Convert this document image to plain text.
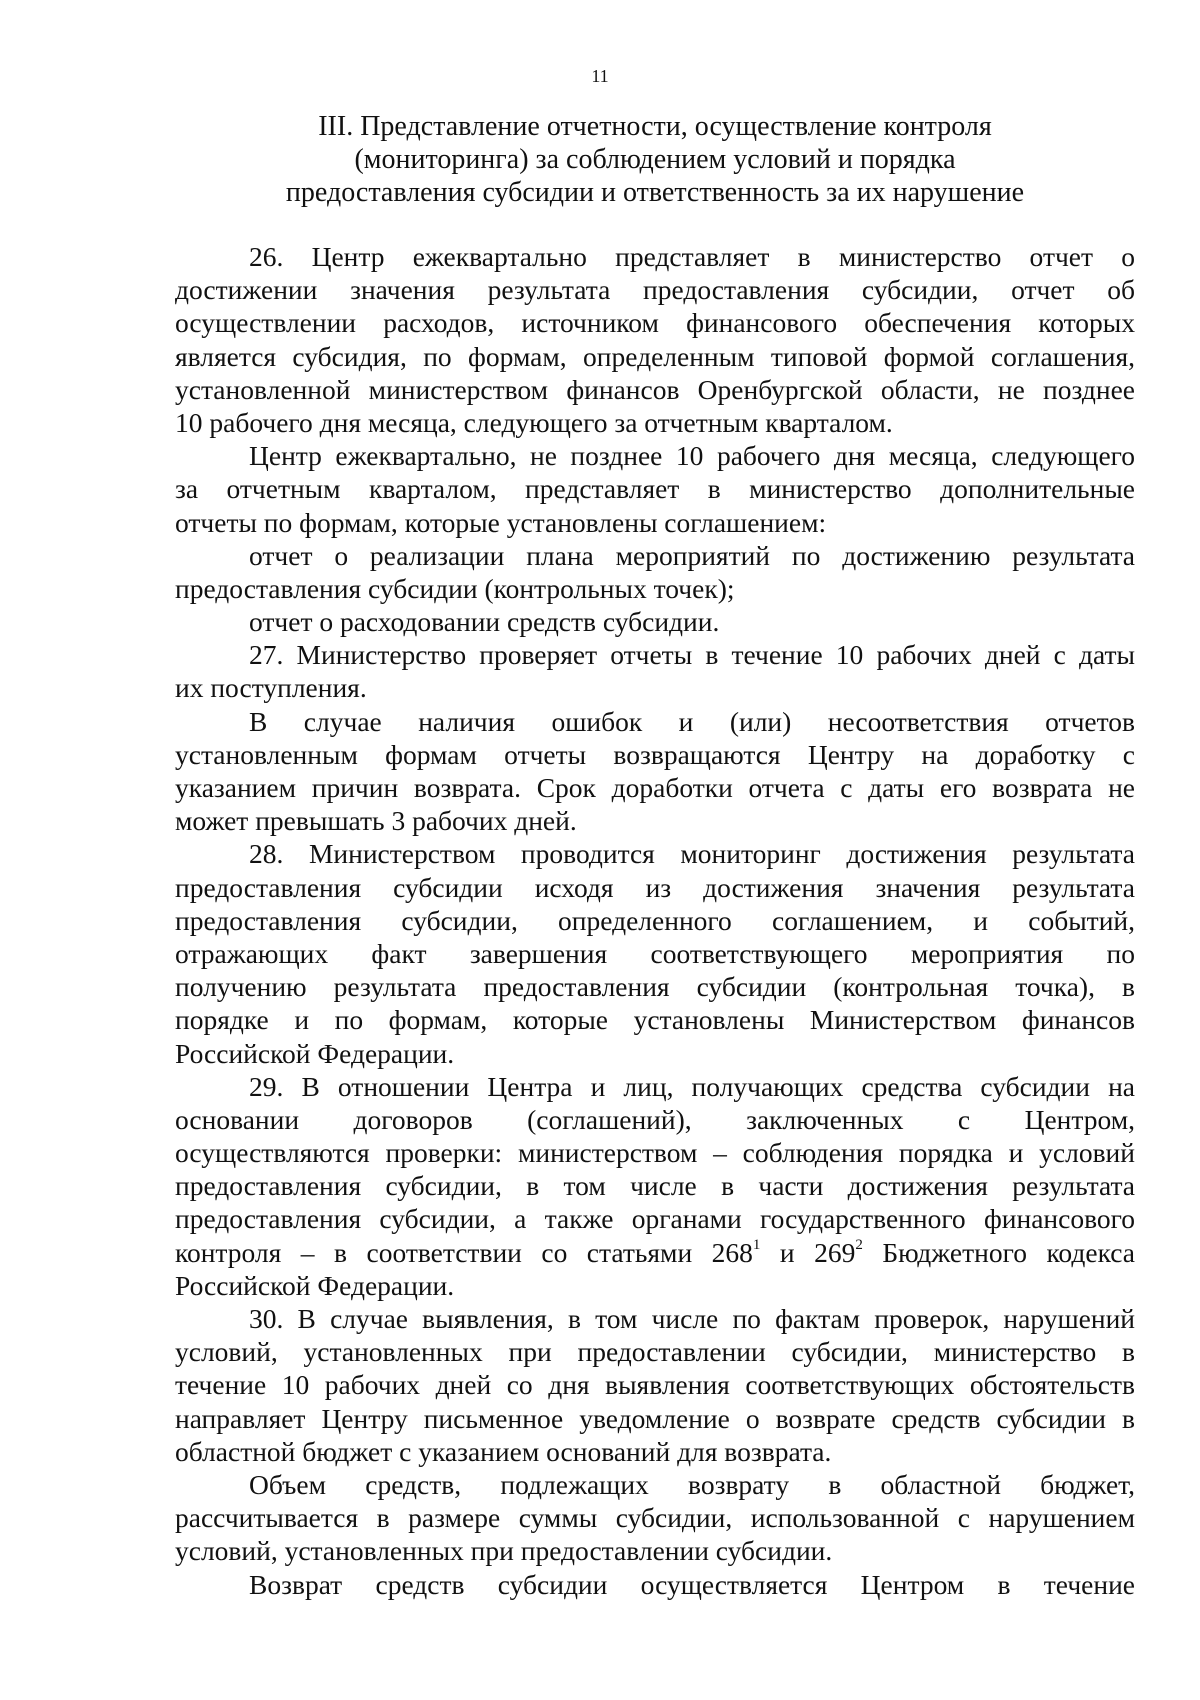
11
III. Представление отчетности, осуществление контроля
(мониторинга) за соблюдением условий и порядка
предоставления субсидии и ответственность за их нарушение
26. Центр ежеквартально представляет в министерство отчет о
достижении значения результата предоставления субсидии, отчет об
осуществлении расходов, источником финансового обеспечения которых
является субсидия, по формам, определенным типовой формой соглашения,
установленной министерством финансов Оренбургской области, не позднее
10 рабочего дня месяца, следующего за отчетным кварталом.
Центр ежеквартально, не позднее 10 рабочего дня месяца, следующего
за отчетным кварталом, представляет в министерство дополнительные
отчеты по формам, которые установлены соглашением:
отчет о реализации плана мероприятий по достижению результата
предоставления субсидии (контрольных точек);
отчет о расходовании средств субсидии.
27. Министерство проверяет отчеты в течение 10 рабочих дней с даты
их поступления.
В случае наличия ошибок и (или) несоответствия отчетов
установленным формам отчеты возвращаются Центру на доработку с
указанием причин возврата. Срок доработки отчета с даты его возврата не
может превышать 3 рабочих дней.
28. Министерством проводится мониторинг достижения результата
предоставления субсидии исходя из достижения значения результата
предоставления субсидии, определенного соглашением, и событий,
отражающих факт завершения соответствующего мероприятия по
получению результата предоставления субсидии (контрольная точка), в
порядке и по формам, которые установлены Министерством финансов
Российской Федерации.
29. В отношении Центра и лиц, получающих средства субсидии на
основании договоров (соглашений), заключенных с Центром,
осуществляются проверки: министерством – соблюдения порядка и условий
предоставления субсидии, в том числе в части достижения результата
предоставления субсидии, а также органами государственного финансового
контроля – в соответствии со статьями $268^1$ и $269^2$ Бюджетного кодекса
Российской Федерации.
30. В случае выявления, в том числе по фактам проверок, нарушений
условий, установленных при предоставлении субсидии, министерство в
течение 10 рабочих дней со дня выявления соответствующих обстоятельств
направляет Центру письменное уведомление о возврате средств субсидии в
областной бюджет с указанием оснований для возврата.
Объем средств, подлежащих возврату в областной бюджет,
рассчитывается в размере суммы субсидии, использованной с нарушением
условий, установленных при предоставлении субсидии.
Возврат средств субсидии осуществляется Центром в течение
